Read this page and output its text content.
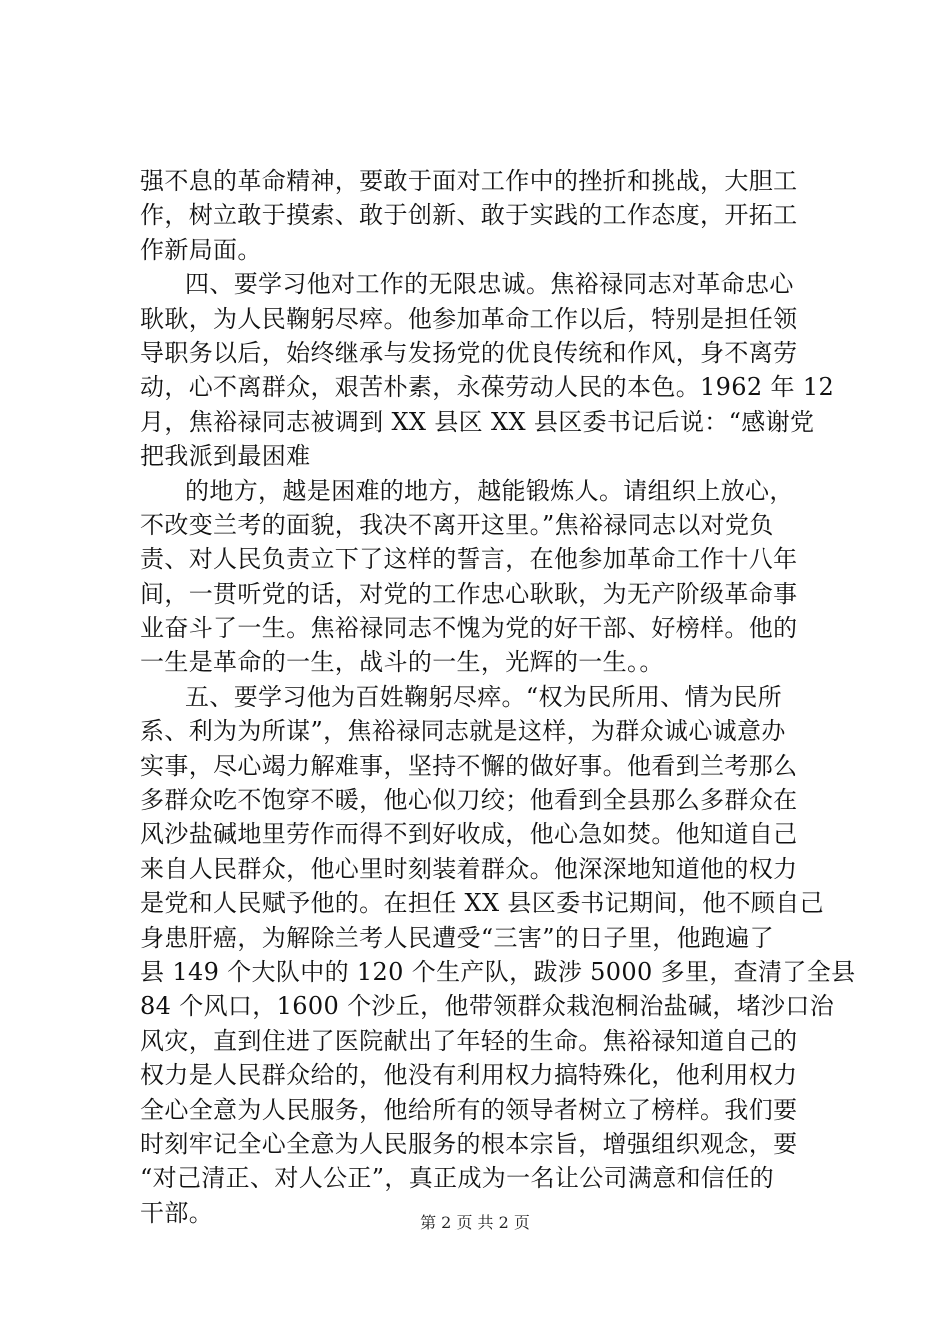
强不息的革命精神，要敢于面对工作中的挫折和挑战，大胆工
作，树立敢于摸索、敢于创新、敢于实践的工作态度，开拓工
作新局面。
四、要学习他对工作的无限忠诚。焦裕禄同志对革命忠心
耿耿，为人民鞠躬尽瘁。他参加革命工作以后，特别是担任领
导职务以后，始终继承与发扬党的优良传统和作风，身不离劳
动，心不离群众，艰苦朴素，永葆劳动人民的本色。1962 年 12
月，焦裕禄同志被调到 XX 县区 XX 县区委书记后说：“感谢党
把我派到最困难
的地方，越是困难的地方，越能锻炼人。请组织上放心，
不改变兰考的面貌，我决不离开这里。”焦裕禄同志以对党负
责、对人民负责立下了这样的誓言，在他参加革命工作十八年
间，一贯听党的话，对党的工作忠心耿耿，为无产阶级革命事
业奋斗了一生。焦裕禄同志不愧为党的好干部、好榜样。他的
一生是革命的一生，战斗的一生，光辉的一生。。
五、要学习他为百姓鞠躬尽瘁。“权为民所用、情为民所
系、利为为所谋”，焦裕禄同志就是这样，为群众诚心诚意办
实事，尽心竭力解难事，坚持不懈的做好事。他看到兰考那么
多群众吃不饱穿不暖，他心似刀绞；他看到全县那么多群众在
风沙盐碱地里劳作而得不到好收成，他心急如焚。他知道自己
来自人民群众，他心里时刻装着群众。他深深地知道他的权力
是党和人民赋予他的。在担任 XX 县区委书记期间，他不顾自己
身患肝癌，为解除兰考人民遭受“三害”的日子里，他跑遍了
县 149 个大队中的 120 个生产队，跋涉 5000 多里，查清了全县
84 个风口，1600 个沙丘，他带领群众栽泡桐治盐碱，堵沙口治
风灾，直到住进了医院献出了年轻的生命。焦裕禄知道自己的
权力是人民群众给的，他没有利用权力搞特殊化，他利用权力
全心全意为人民服务，他给所有的领导者树立了榜样。我们要
时刻牢记全心全意为人民服务的根本宗旨，增强组织观念，要
“对己清正、对人公正”，真正成为一名让公司满意和信任的
干部。	第 2 页 共 2 页
